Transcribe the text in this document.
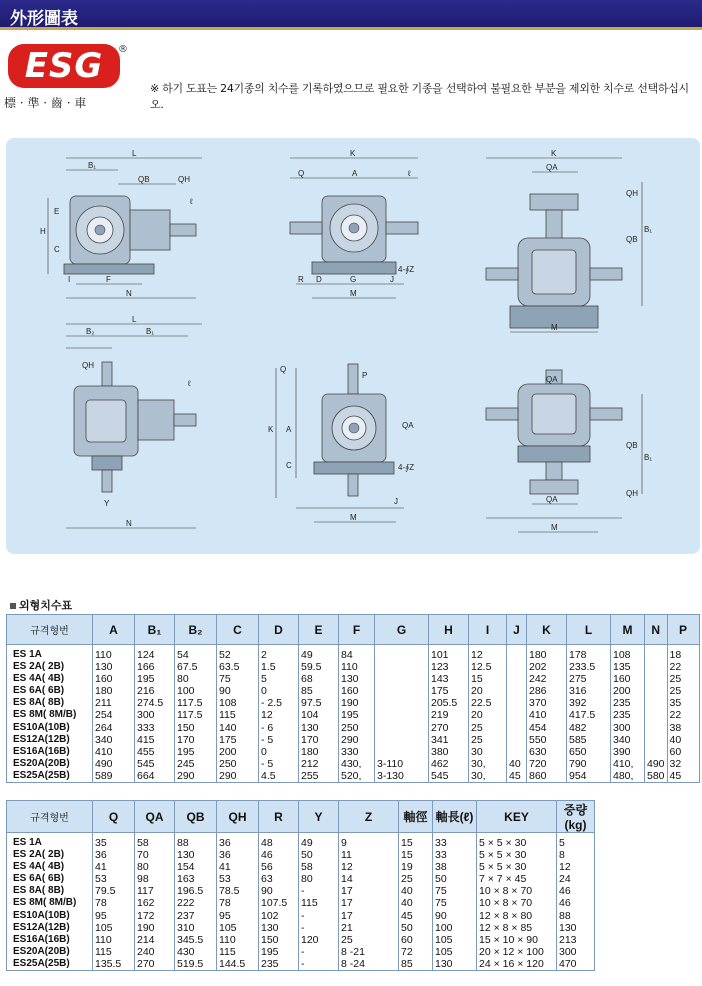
外形圖表
ESG	®
標 · 準 · 齒 · 車
※ 하기 도표는 24기종의 치수를 기록하였으므로 필요한 기종을 선택하여 불필요한 부분을 제외한 치수로 선택하십시오.
L
B₁
QB	QH
ℓ
E
H
C
I	F
N
K
Q	A	ℓ
J
D
R	G
M
4-∮Z
K
QA
QH
QB
B₁
M
L
B₂	B₁
QH
ℓ
Y
N
Q
K A
C
QA
P
J
M
4-∮Z
QA
QB
B₁
QH
QA
M
외형치수표
규격형번	A	B₁	B₂	C	D	E	F	G	H	I	J	K	L	M	N	P
ES 1A	110	124	54	52	2	49	84		101	12		180	178	108		18
ES 2A( 2B)	130	166	67.5	63.5	1.5	59.5	110		123	12.5		202	233.5	135		22
ES 4A( 4B)	160	195	80	75	5	68	130		143	15		242	275	160		25
ES 6A( 6B)	180	216	100	90	0	85	160		175	20		286	316	200		25
ES 8A( 8B)	211	274.5	117.5	108	- 2.5	97.5	190		205.5	22.5		370	392	235		35
ES 8M( 8M/B)	254	300	117.5	115	12	104	195		219	20		410	417.5	235		22
ES10A(10B)	264	333	150	140	- 6	130	250		270	25		454	482	300		38
ES12A(12B)	340	415	170	175	- 5	170	290		341	25		550	585	340		40
ES16A(16B)	410	455	195	200	0	180	330		380	30		630	650	390		60
ES20A(20B)	490	545	245	250	- 5	212	430,	3-110	462	30,	40	720	790	410,	490	32
ES25A(25B)	589	664	290	290	4.5	255	520,	3-130	545	30,	45	860	954	480,	580	45
규격형번	Q	QA	QB	QH	R	Y	Z	軸徑	軸長(ℓ)	KEY	중량(kg)
ES 1A	35	58	88	36	48	49	9	15	33	5 × 5 × 30	5
ES 2A( 2B)	36	70	130	36	46	50	11	15	33	5 × 5 × 30	8
ES 4A( 4B)	41	80	154	41	56	58	12	19	38	5 × 5 × 30	12
ES 6A( 6B)	53	98	163	53	63	80	14	25	50	7 × 7 × 45	24
ES 8A( 8B)	79.5	117	196.5	78.5	90	-	17	40	75	10 × 8 × 70	46
ES 8M( 8M/B)	78	162	222	78	107.5	115	17	40	75	10 × 8 × 70	46
ES10A(10B)	95	172	237	95	102	-	17	45	90	12 × 8 × 80	88
ES12A(12B)	105	190	310	105	130	-	21	50	100	12 × 8 × 85	130
ES16A(16B)	110	214	345.5	110	150	120	25	60	105	15 × 10 × 90	213
ES20A(20B)	115	240	430	115	195	-	8 -21	72	105	20 × 12 × 100	300
ES25A(25B)	135.5	270	519.5	144.5	235	-	8 -24	85	130	24 × 16 × 120	470
